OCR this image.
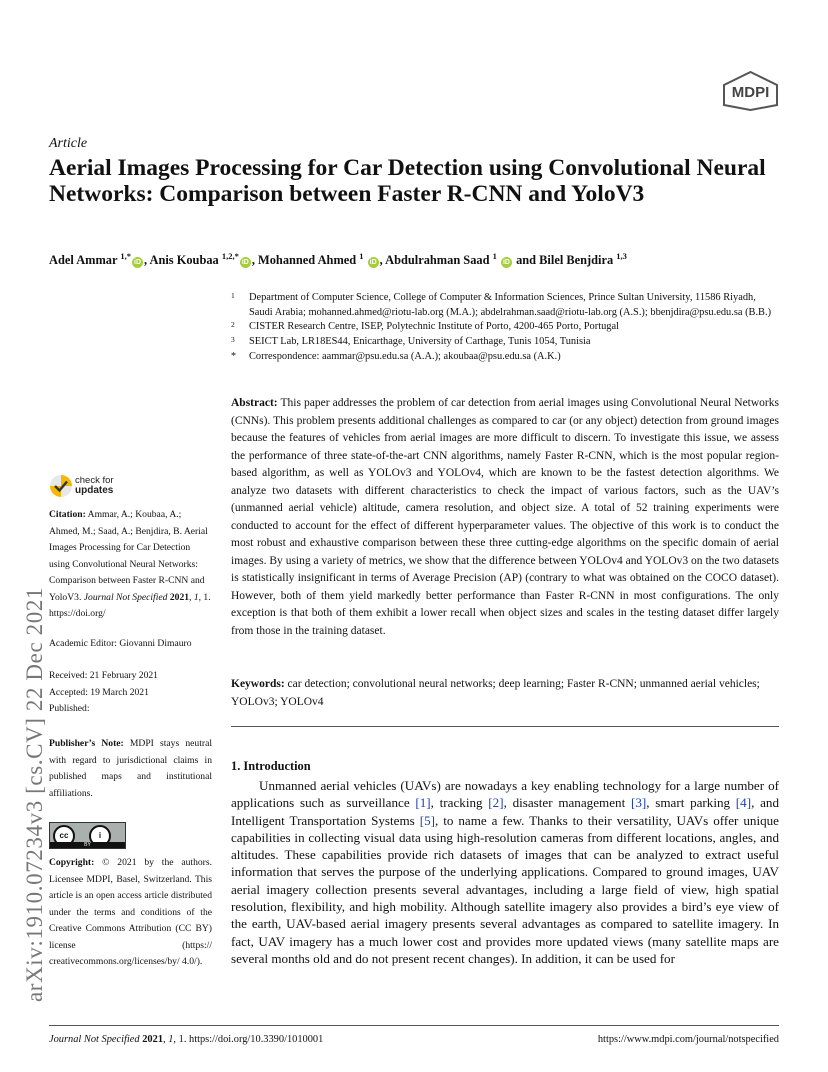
MDPI
Article
Aerial Images Processing for Car Detection using Convolutional Neural Networks: Comparison between Faster R-CNN and YoloV3
Adel Ammar $^{1,*}$iD , Anis Koubaa $^{1,2,*}$iD , Mohanned Ahmed $^1$ iD , Abdulrahman Saad $^1$ iD and Bilel Benjdira $^{1,3}$
arXiv:1910.07234v3 [cs.CV] 22 Dec 2021
1 Department of Computer Science, College of Computer & Information Sciences, Prince Sultan University, 11586 Riyadh, Saudi Arabia; mohanned.ahmed@riotu-lab.org (M.A.); abdelrahman.saad@riotu-lab.org (A.S.); bbenjdira@psu.edu.sa (B.B.)
2 CISTER Research Centre, ISEP, Polytechnic Institute of Porto, 4200-465 Porto, Portugal
3 SEICT Lab, LR18ES44, Enicarthage, University of Carthage, Tunis 1054, Tunisia
* Correspondence: aammar@psu.edu.sa (A.A.); akoubaa@psu.edu.sa (A.K.)
Abstract: This paper addresses the problem of car detection from aerial images using Convolutional Neural Networks (CNNs). This problem presents additional challenges as compared to car (or any object) detection from ground images because the features of vehicles from aerial images are more difficult to discern. To investigate this issue, we assess the performance of three state-of-the-art CNN algorithms, namely Faster R-CNN, which is the most popular region-based algorithm, as well as YOLOv3 and YOLOv4, which are known to be the fastest detection algorithms. We analyze two datasets with different characteristics to check the impact of various factors, such as the UAV’s (unmanned aerial vehicle) altitude, camera resolution, and object size. A total of 52 training experiments were conducted to account for the effect of different hyperparameter values. The objective of this work is to conduct the most robust and exhaustive comparison between these three cutting-edge algorithms on the specific domain of aerial images. By using a variety of metrics, we show that the difference between YOLOv4 and YOLOv3 on the two datasets is statistically insignificant in terms of Average Precision (AP) (contrary to what was obtained on the COCO dataset). However, both of them yield markedly better performance than Faster R-CNN in most configurations. The only exception is that both of them exhibit a lower recall when object sizes and scales in the testing dataset differ largely from those in the training dataset.
Keywords: car detection; convolutional neural networks; deep learning; Faster R-CNN; unmanned aerial vehicles; YOLOv3; YOLOv4
1. Introduction
Unmanned aerial vehicles (UAVs) are nowadays a key enabling technology for a large number of applications such as surveillance [1], tracking [2], disaster management [3], smart parking [4], and Intelligent Transportation Systems [5], to name a few. Thanks to their versatility, UAVs offer unique capabilities in collecting visual data using high-resolution cameras from different locations, angles, and altitudes. These capabilities provide rich datasets of images that can be analyzed to extract useful information that serves the purpose of the underlying applications. Compared to ground images, UAV aerial imagery collection presents several advantages, including a large field of view, high spatial resolution, flexibility, and high mobility. Although satellite imagery also provides a bird’s eye view of the earth, UAV-based aerial imagery presents several advantages as compared to satellite imagery. In fact, UAV imagery has a much lower cost and provides more updated views (many satellite maps are several months old and do not present recent changes). In addition, it can be used for
check for
updates
Citation: Ammar, A.; Koubaa, A.; Ahmed, M.; Saad, A.; Benjdira, B. Aerial Images Processing for Car Detection using Convolutional Neural Networks: Comparison between Faster R-CNN and YoloV3. Journal Not Specified 2021, 1, 1. https://doi.org/
Academic Editor: Giovanni Dimauro
Received: 21 February 2021
Accepted: 19 March 2021
Published:
Publisher’s Note: MDPI stays neutral with regard to jurisdictional claims in published maps and institutional affiliations.
cc	i
BY
Copyright: © 2021 by the authors. Licensee MDPI, Basel, Switzerland. This article is an open access article distributed under the terms and conditions of the Creative Commons Attribution (CC BY) license (https:// creativecommons.org/licenses/by/ 4.0/).
Journal Not Specified 2021, 1, 1. https://doi.org/10.3390/1010001	https://www.mdpi.com/journal/notspecified
